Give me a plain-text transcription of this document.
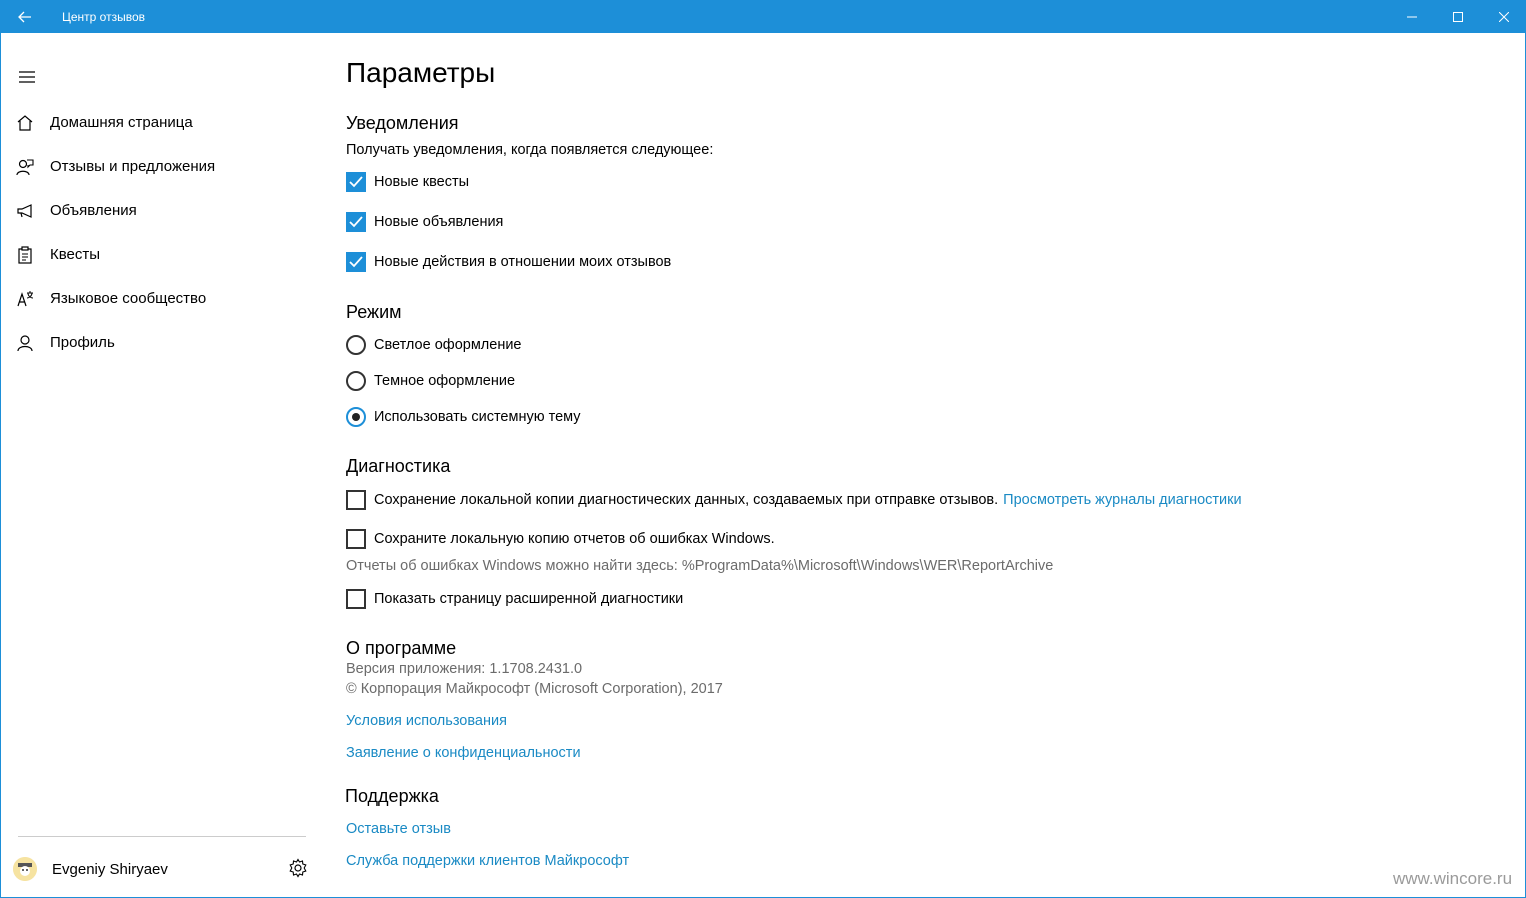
Центр отзывов
Домашняя страница
Отзывы и предложения
Объявления
Квесты
Языковое сообщество
Профиль
Evgeniy Shiryaev
Параметры
Уведомления
Получать уведомления, когда появляется следующее:
Новые квесты
Новые объявления
Новые действия в отношении моих отзывов
Режим
Светлое оформление
Темное оформление
Использовать системную тему
Диагностика
Сохранение локальной копии диагностических данных, создаваемых при отправке отзывов. Просмотреть журналы диагностики
Сохраните локальную копию отчетов об ошибках Windows.
Отчеты об ошибках Windows можно найти здесь: %ProgramData%\Microsoft\Windows\WER\ReportArchive
Показать страницу расширенной диагностики
О программе
Версия приложения: 1.1708.2431.0
© Корпорация Майкрософт (Microsoft Corporation), 2017
Условия использования
Заявление о конфиденциальности
Поддержка
Оставьте отзыв
Служба поддержки клиентов Майкрософт
www.wincore.ru
